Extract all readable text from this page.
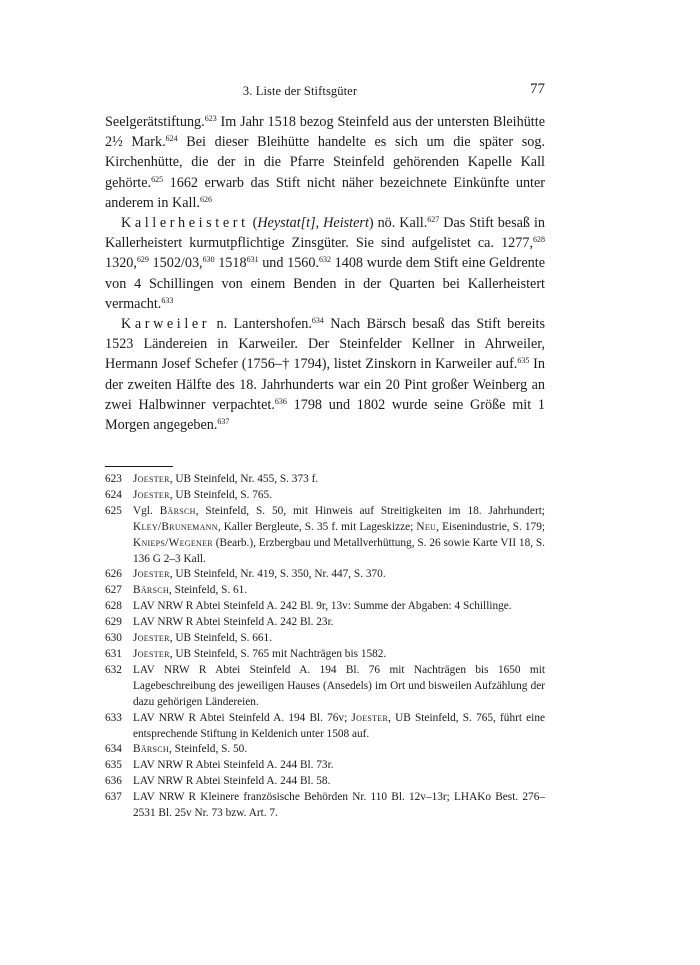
3. Liste der Stiftsgüter	77

Seelgerätstiftung.$^{623}$ Im Jahr 1518 bezog Steinfeld aus der untersten Bleihütte 2½ Mark.$^{624}$ Bei dieser Bleihütte handelte es sich um die später sog. Kirchenhütte, die der in die Pfarre Steinfeld gehörenden Kapelle Kall gehörte.$^{625}$ 1662 erwarb das Stift nicht näher bezeichnete Einkünfte unter anderem in Kall.$^{626}$

Kallerheistert (Heystat[t], Heistert) nö. Kall.$^{627}$ Das Stift besaß in Kallerheistert kurmutpflichtige Zinsgüter. Sie sind aufgelistet ca. 1277,$^{628}$ 1320,$^{629}$ 1502/03,$^{630}$ 1518$^{631}$ und 1560.$^{632}$ 1408 wurde dem Stift eine Geldrente von 4 Schillingen von einem Benden in der Quarten bei Kallerheistert vermacht.$^{633}$

Karweiler n. Lantershofen.$^{634}$ Nach Bärsch besaß das Stift bereits 1523 Ländereien in Karweiler. Der Steinfelder Kellner in Ahrweiler, Hermann Josef Schefer (1756–† 1794), listet Zinskorn in Karweiler auf.$^{635}$ In der zweiten Hälfte des 18. Jahrhunderts war ein 20 Pint großer Weinberg an zwei Halbwinner verpachtet.$^{636}$ 1798 und 1802 wurde seine Größe mit 1 Morgen angegeben.$^{637}$

623 Joester, UB Steinfeld, Nr. 455, S. 373 f.
624 Joester, UB Steinfeld, S. 765.
625 Vgl. Bärsch, Steinfeld, S. 50, mit Hinweis auf Streitigkeiten im 18. Jahrhundert; Kley/Brunemann, Kaller Bergleute, S. 35 f. mit Lageskizze; Neu, Eisenindustrie, S. 179; Knieps/Wegener (Bearb.), Erzbergbau und Metallverhüttung, S. 26 sowie Karte VII 18, S. 136 G 2–3 Kall.
626 Joester, UB Steinfeld, Nr. 419, S. 350, Nr. 447, S. 370.
627 Bärsch, Steinfeld, S. 61.
628 LAV NRW R Abtei Steinfeld A. 242 Bl. 9r, 13v: Summe der Abgaben: 4 Schillinge.
629 LAV NRW R Abtei Steinfeld A. 242 Bl. 23r.
630 Joester, UB Steinfeld, S. 661.
631 Joester, UB Steinfeld, S. 765 mit Nachträgen bis 1582.
632 LAV NRW R Abtei Steinfeld A. 194 Bl. 76 mit Nachträgen bis 1650 mit Lagebeschreibung des jeweiligen Hauses (Ansedels) im Ort und bisweilen Aufzählung der dazu gehörigen Ländereien.
633 LAV NRW R Abtei Steinfeld A. 194 Bl. 76v; Joester, UB Steinfeld, S. 765, führt eine entsprechende Stiftung in Keldenich unter 1508 auf.
634 Bärsch, Steinfeld, S. 50.
635 LAV NRW R Abtei Steinfeld A. 244 Bl. 73r.
636 LAV NRW R Abtei Steinfeld A. 244 Bl. 58.
637 LAV NRW R Kleinere französische Behörden Nr. 110 Bl. 12v–13r; LHAKo Best. 276–2531 Bl. 25v Nr. 73 bzw. Art. 7.
